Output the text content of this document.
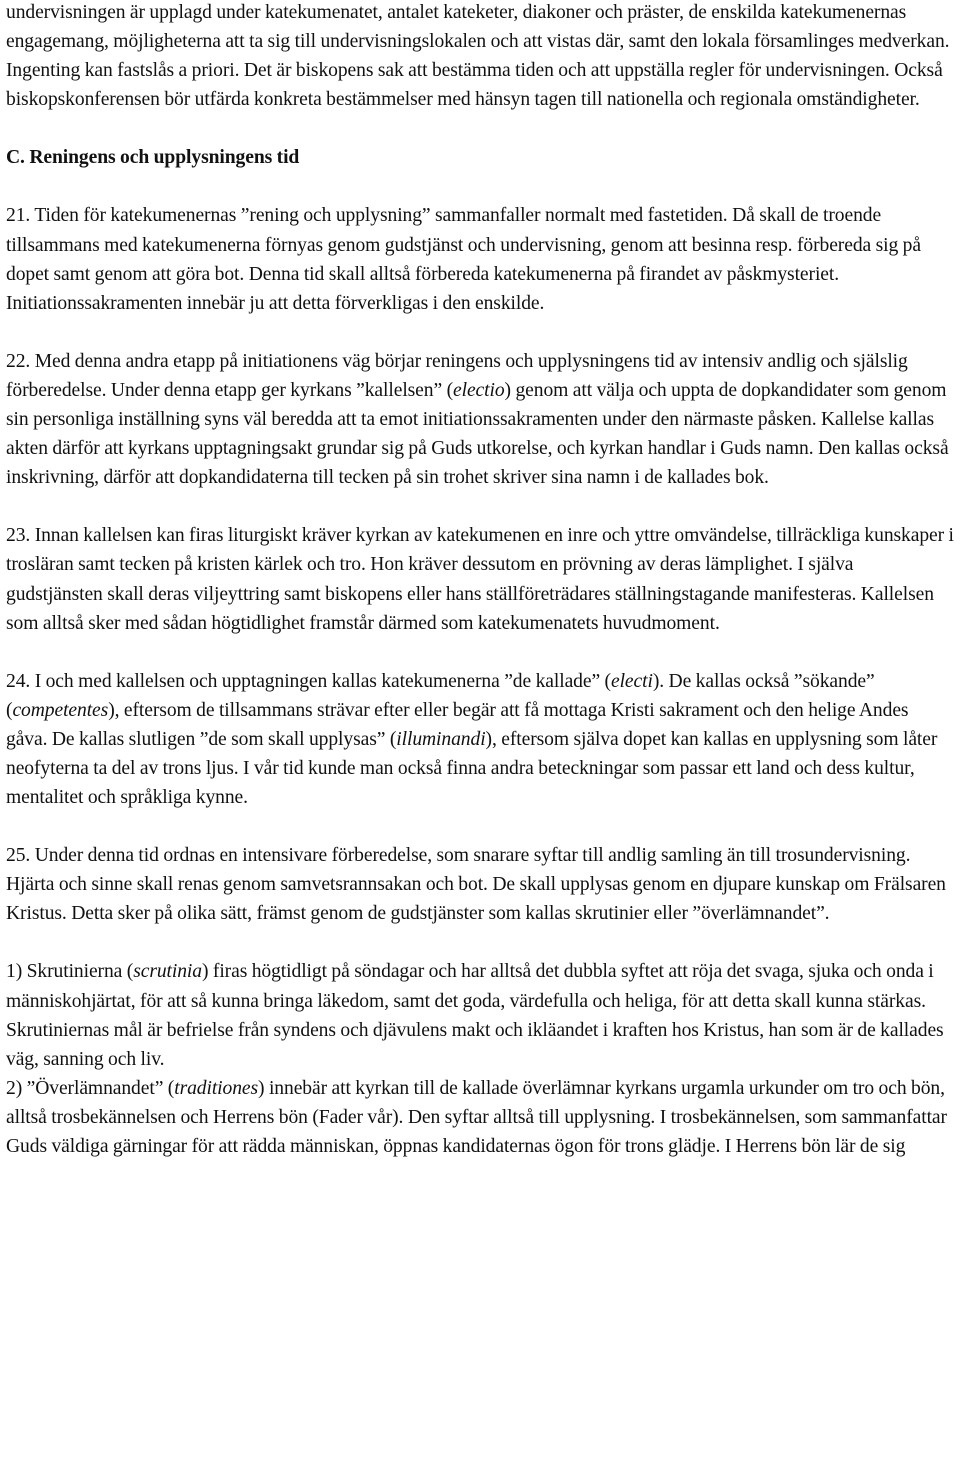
undervisningen är upplagd under katekumenatet, antalet kateketer, diakoner och präster, de enskilda katekumenernas engagemang, möjligheterna att ta sig till undervisningslokalen och att vistas där, samt den lokala församlinges medverkan. Ingenting kan fastslås a priori. Det är biskopens sak att bestämma tiden och att uppställa regler för undervisningen. Också biskopskonferensen bör utfärda konkreta bestämmelser med hänsyn tagen till nationella och regionala omständigheter.

C. Reningens och upplysningens tid

21. Tiden för katekumenernas ”rening och upplysning” sammanfaller normalt med fastetiden. Då skall de troende tillsammans med katekumenerna förnyas genom gudstjänst och undervisning, genom att besinna resp. förbereda sig på dopet samt genom att göra bot. Denna tid skall alltså förbereda katekumenerna på firandet av påskmysteriet. Initiationssakramenten innebär ju att detta förverkligas i den enskilde.

22. Med denna andra etapp på initiationens väg börjar reningens och upplysningens tid av intensiv andlig och själslig förberedelse. Under denna etapp ger kyrkans ”kallelsen” (electio) genom att välja och uppta de dopkandidater som genom sin personliga inställning syns väl beredda att ta emot initiationssakramenten under den närmaste påsken. Kallelse kallas akten därför att kyrkans upptagningsakt grundar sig på Guds utkorelse, och kyrkan handlar i Guds namn. Den kallas också inskrivning, därför att dopkandidaterna till tecken på sin trohet skriver sina namn i de kallades bok.

23. Innan kallelsen kan firas liturgiskt kräver kyrkan av katekumenen en inre och yttre omvändelse, tillräckliga kunskaper i trosläran samt tecken på kristen kärlek och tro. Hon kräver dessutom en prövning av deras lämplighet. I själva gudstjänsten skall deras viljeyttring samt biskopens eller hans ställföreträdares ställningstagande manifesteras. Kallelsen som alltså sker med sådan högtidlighet framstår därmed som katekumenatets huvudmoment.

24. I och med kallelsen och upptagningen kallas katekumenerna ”de kallade” (electi). De kallas också ”sökande” (competentes), eftersom de tillsammans strävar efter eller begär att få mottaga Kristi sakrament och den helige Andes gåva. De kallas slutligen ”de som skall upplysas” (illuminandi), eftersom själva dopet kan kallas en upplysning som låter neofyterna ta del av trons ljus. I vår tid kunde man också finna andra beteckningar som passar ett land och dess kultur, mentalitet och språkliga kynne.

25. Under denna tid ordnas en intensivare förberedelse, som snarare syftar till andlig samling än till trosundervisning. Hjärta och sinne skall renas genom samvetsrannsakan och bot. De skall upplysas genom en djupare kunskap om Frälsaren Kristus. Detta sker på olika sätt, främst genom de gudstjänster som kallas skrutinier eller ”överlämnandet”.

1) Skrutinierna (scrutinia) firas högtidligt på söndagar och har alltså det dubbla syftet att röja det svaga, sjuka och onda i människohjärtat, för att så kunna bringa läkedom, samt det goda, värdefulla och heliga, för att detta skall kunna stärkas. Skrutiniernas mål är befrielse från syndens och djävulens makt och ikläandet i kraften hos Kristus, han som är de kallades väg, sanning och liv.

2) ”Överlämnandet” (traditiones) innebär att kyrkan till de kallade överlämnar kyrkans urgamla urkunder om tro och bön, alltså trosbekännelsen och Herrens bön (Fader vår). Den syftar alltså till upplysning. I trosbekännelsen, som sammanfattar Guds väldiga gärningar för att rädda människan, öppnas kandidaternas ögon för trons glädje. I Herrens bön lär de sig
